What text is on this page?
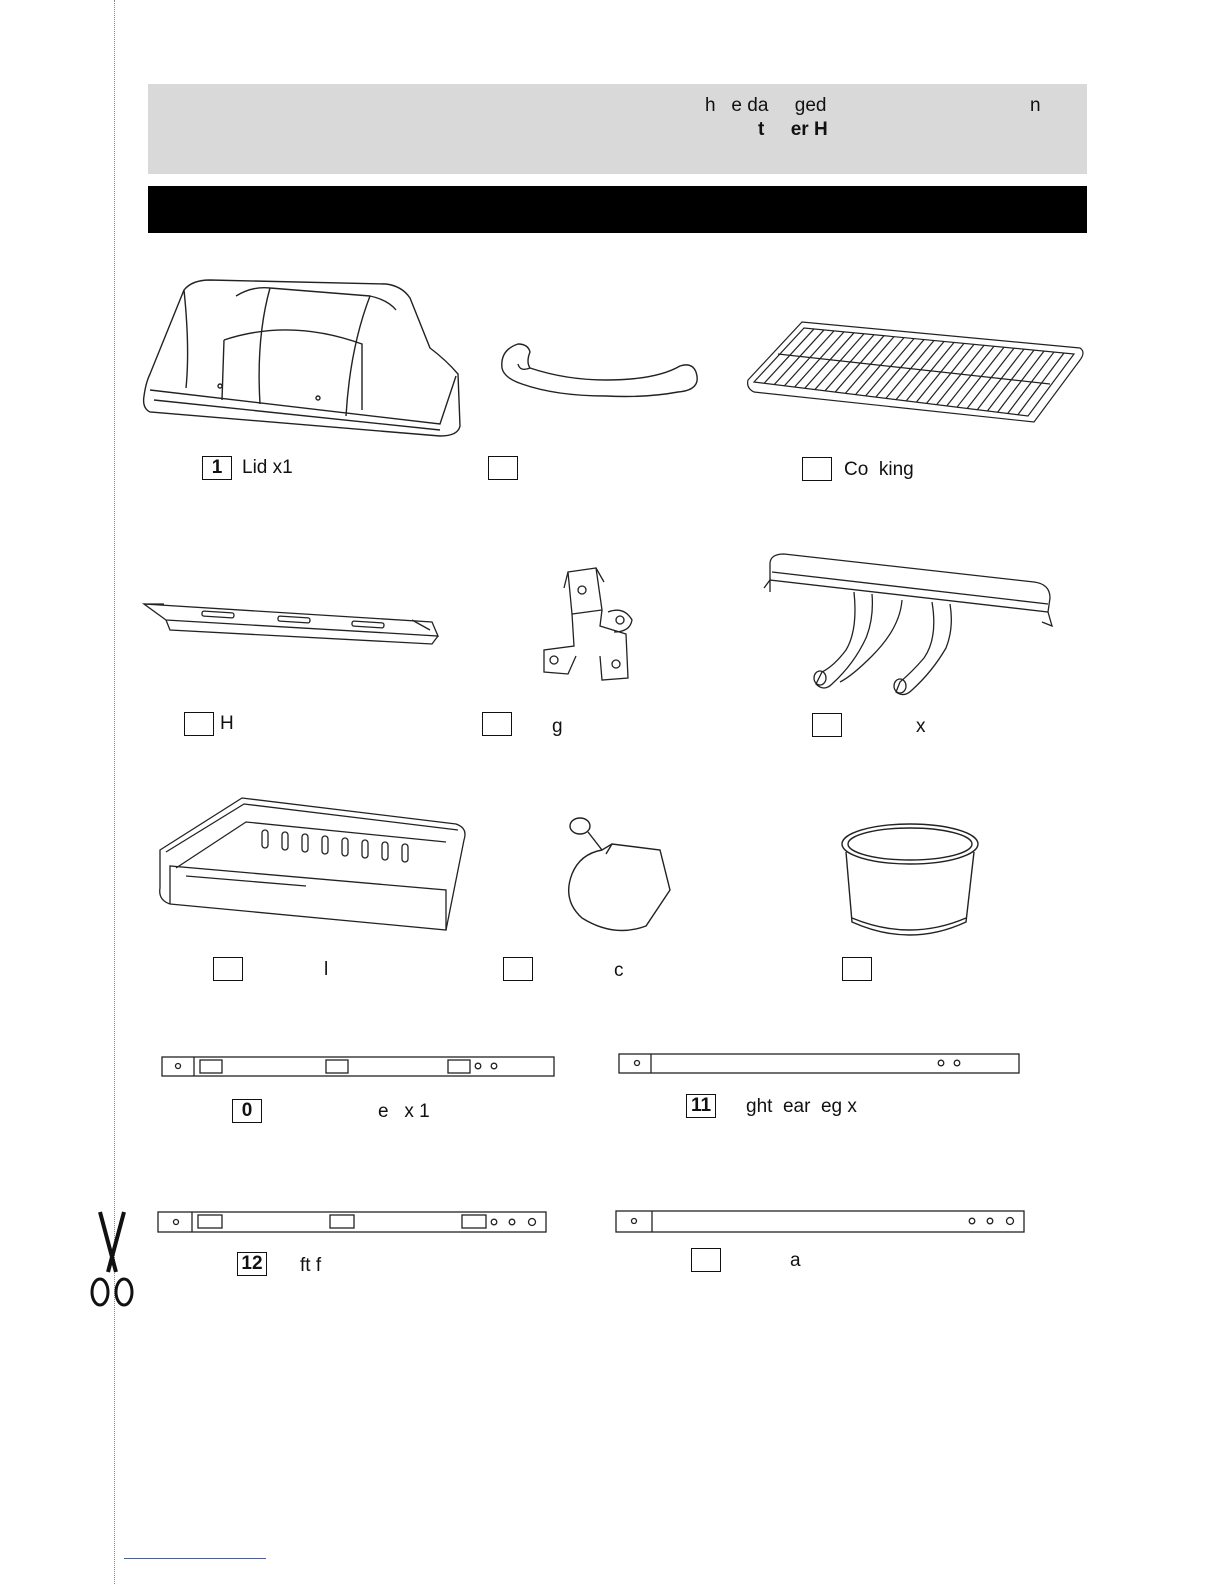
h   e da     ged	n
t     er H
1	Lid x1	Co  king
H	g	x
l	c
0	e   x 1	11 ght  ear  eg x
12 ft f	a
